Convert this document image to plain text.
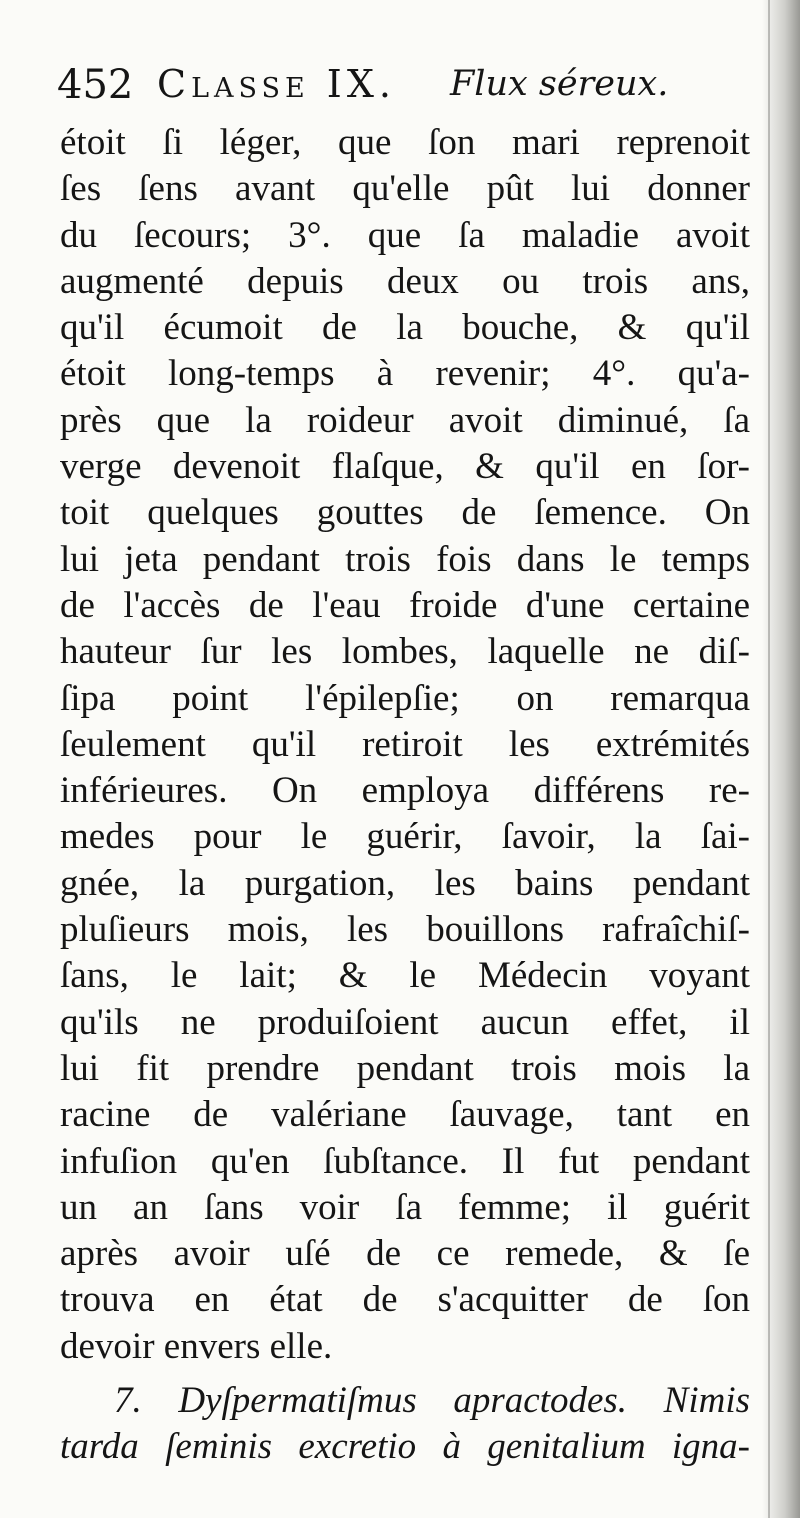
452 Classe IX. Flux séreux.
étoit ſi léger, que ſon mari reprenoit
ſes ſens avant qu'elle pût lui donner
du ſecours; 3°. que ſa maladie avoit
augmenté depuis deux ou trois ans,
qu'il écumoit de la bouche, & qu'il
étoit long-temps à revenir; 4°. qu'a-
près que la roideur avoit diminué, ſa
verge devenoit flaſque, & qu'il en ſor-
toit quelques gouttes de ſemence. On
lui jeta pendant trois fois dans le temps
de l'accès de l'eau froide d'une certaine
hauteur ſur les lombes, laquelle ne diſ-
ſipa point l'épilepſie; on remarqua
ſeulement qu'il retiroit les extrémités
inférieures. On employa différens re-
medes pour le guérir, ſavoir, la ſai-
gnée, la purgation, les bains pendant
pluſieurs mois, les bouillons rafraîchiſ-
ſans, le lait; & le Médecin voyant
qu'ils ne produiſoient aucun effet, il
lui fit prendre pendant trois mois la
racine de valériane ſauvage, tant en
infuſion qu'en ſubſtance. Il fut pendant
un an ſans voir ſa femme; il guérit
après avoir uſé de ce remede, & ſe
trouva en état de s'acquitter de ſon
devoir envers elle.
7. Dyſpermatiſmus apractodes. Nimis
tarda ſeminis excretio à genitalium igna-
